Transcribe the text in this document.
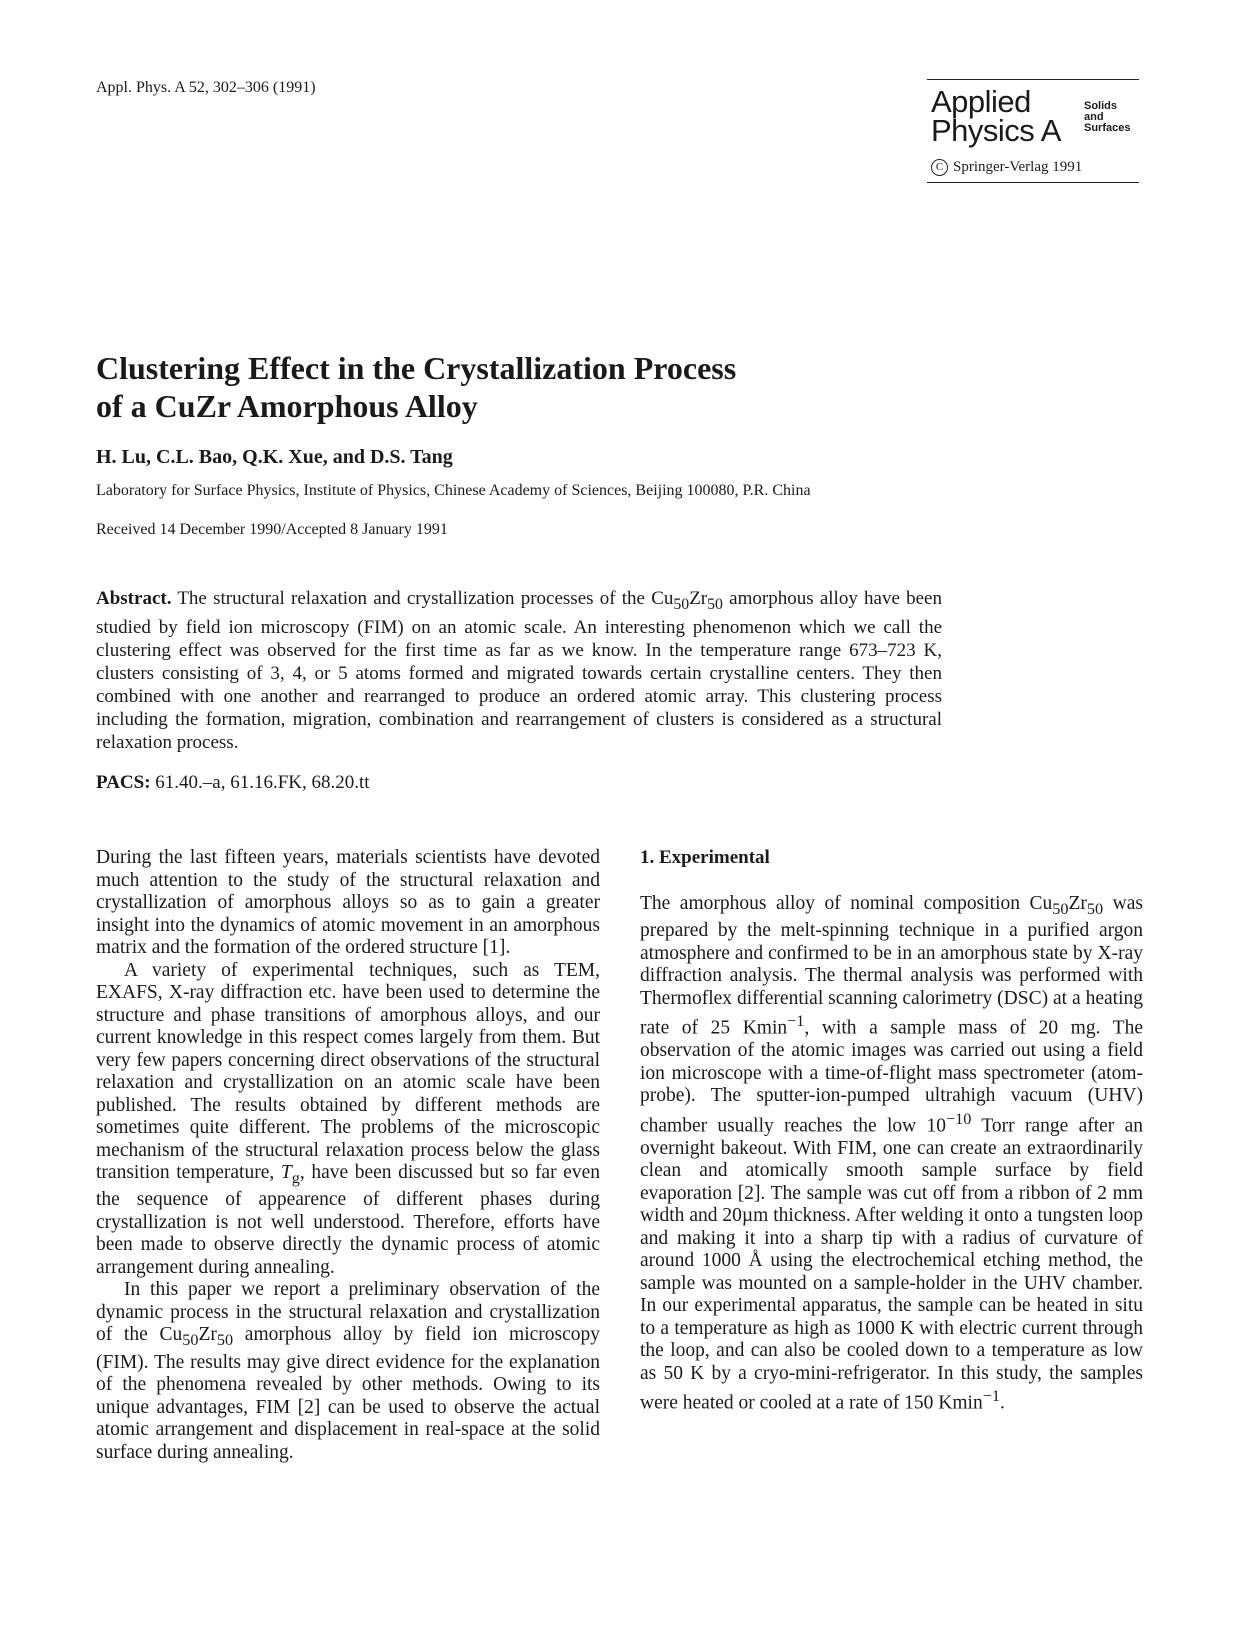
Appl. Phys. A 52, 302–306 (1991)	Applied
Physics A
Solids
and
Surfaces
C Springer-Verlag 1991
Clustering Effect in the Crystallization Process
of a CuZr Amorphous Alloy
H. Lu, C.L. Bao, Q.K. Xue, and D.S. Tang
Laboratory for Surface Physics, Institute of Physics, Chinese Academy of Sciences, Beijing 100080, P.R. China
Received 14 December 1990/Accepted 8 January 1991
Abstract. The structural relaxation and crystallization processes of the $Cu_{50}Zr_{50}$ amorphous alloy have been studied by field ion microscopy (FIM) on an atomic scale. An interesting phenomenon which we call the clustering effect was observed for the first time as far as we know. In the temperature range 673–723 K, clusters consisting of 3, 4, or 5 atoms formed and migrated towards certain crystalline centers. They then combined with one another and rearranged to produce an ordered atomic array. This clustering process including the formation, migration, combination and rearrangement of clusters is considered as a structural relaxation process.
PACS: 61.40.–a, 61.16.FK, 68.20.tt

During the last fifteen years, materials scientists have devoted much attention to the study of the structural relaxation and crystallization of amorphous alloys so as to gain a greater insight into the dynamics of atomic movement in an amorphous matrix and the formation of the ordered structure [1].

A variety of experimental techniques, such as TEM, EXAFS, X-ray diffraction etc. have been used to determine the structure and phase transitions of amorphous alloys, and our current knowledge in this respect comes largely from them. But very few papers concerning direct observations of the structural relaxation and crystallization on an atomic scale have been published. The results obtained by different methods are sometimes quite different. The problems of the microscopic mechanism of the structural relaxation process below the glass transition temperature, $T_g$, have been discussed but so far even the sequence of appearence of different phases during crystallization is not well understood. Therefore, efforts have been made to observe directly the dynamic process of atomic arrangement during annealing.

In this paper we report a preliminary observation of the dynamic process in the structural relaxation and crystallization of the $Cu_{50}Zr_{50}$ amorphous alloy by field ion microscopy (FIM). The results may give direct evidence for the explanation of the phenomena revealed by other methods. Owing to its unique advantages, FIM [2] can be used to observe the actual atomic arrangement and displacement in real-space at the solid surface during annealing.

1. Experimental

The amorphous alloy of nominal composition $Cu_{50}Zr_{50}$ was prepared by the melt-spinning technique in a purified argon atmosphere and confirmed to be in an amorphous state by X-ray diffraction analysis. The thermal analysis was performed with Thermoflex differential scanning calorimetry (DSC) at a heating rate of 25 Kmin$^{-1}$, with a sample mass of 20 mg. The observation of the atomic images was carried out using a field ion microscope with a time-of-flight mass spectrometer (atom-probe). The sputter-ion-pumped ultrahigh vacuum (UHV) chamber usually reaches the low $10^{-10}$ Torr range after an overnight bakeout. With FIM, one can create an extraordinarily clean and atomically smooth sample surface by field evaporation [2]. The sample was cut off from a ribbon of 2 mm width and 20µm thickness. After welding it onto a tungsten loop and making it into a sharp tip with a radius of curvature of around 1000 Å using the electrochemical etching method, the sample was mounted on a sample-holder in the UHV chamber. In our experimental apparatus, the sample can be heated in situ to a temperature as high as 1000 K with electric current through the loop, and can also be cooled down to a temperature as low as 50 K by a cryo-mini-refrigerator. In this study, the samples were heated or cooled at a rate of 150 Kmin$^{-1}$.
